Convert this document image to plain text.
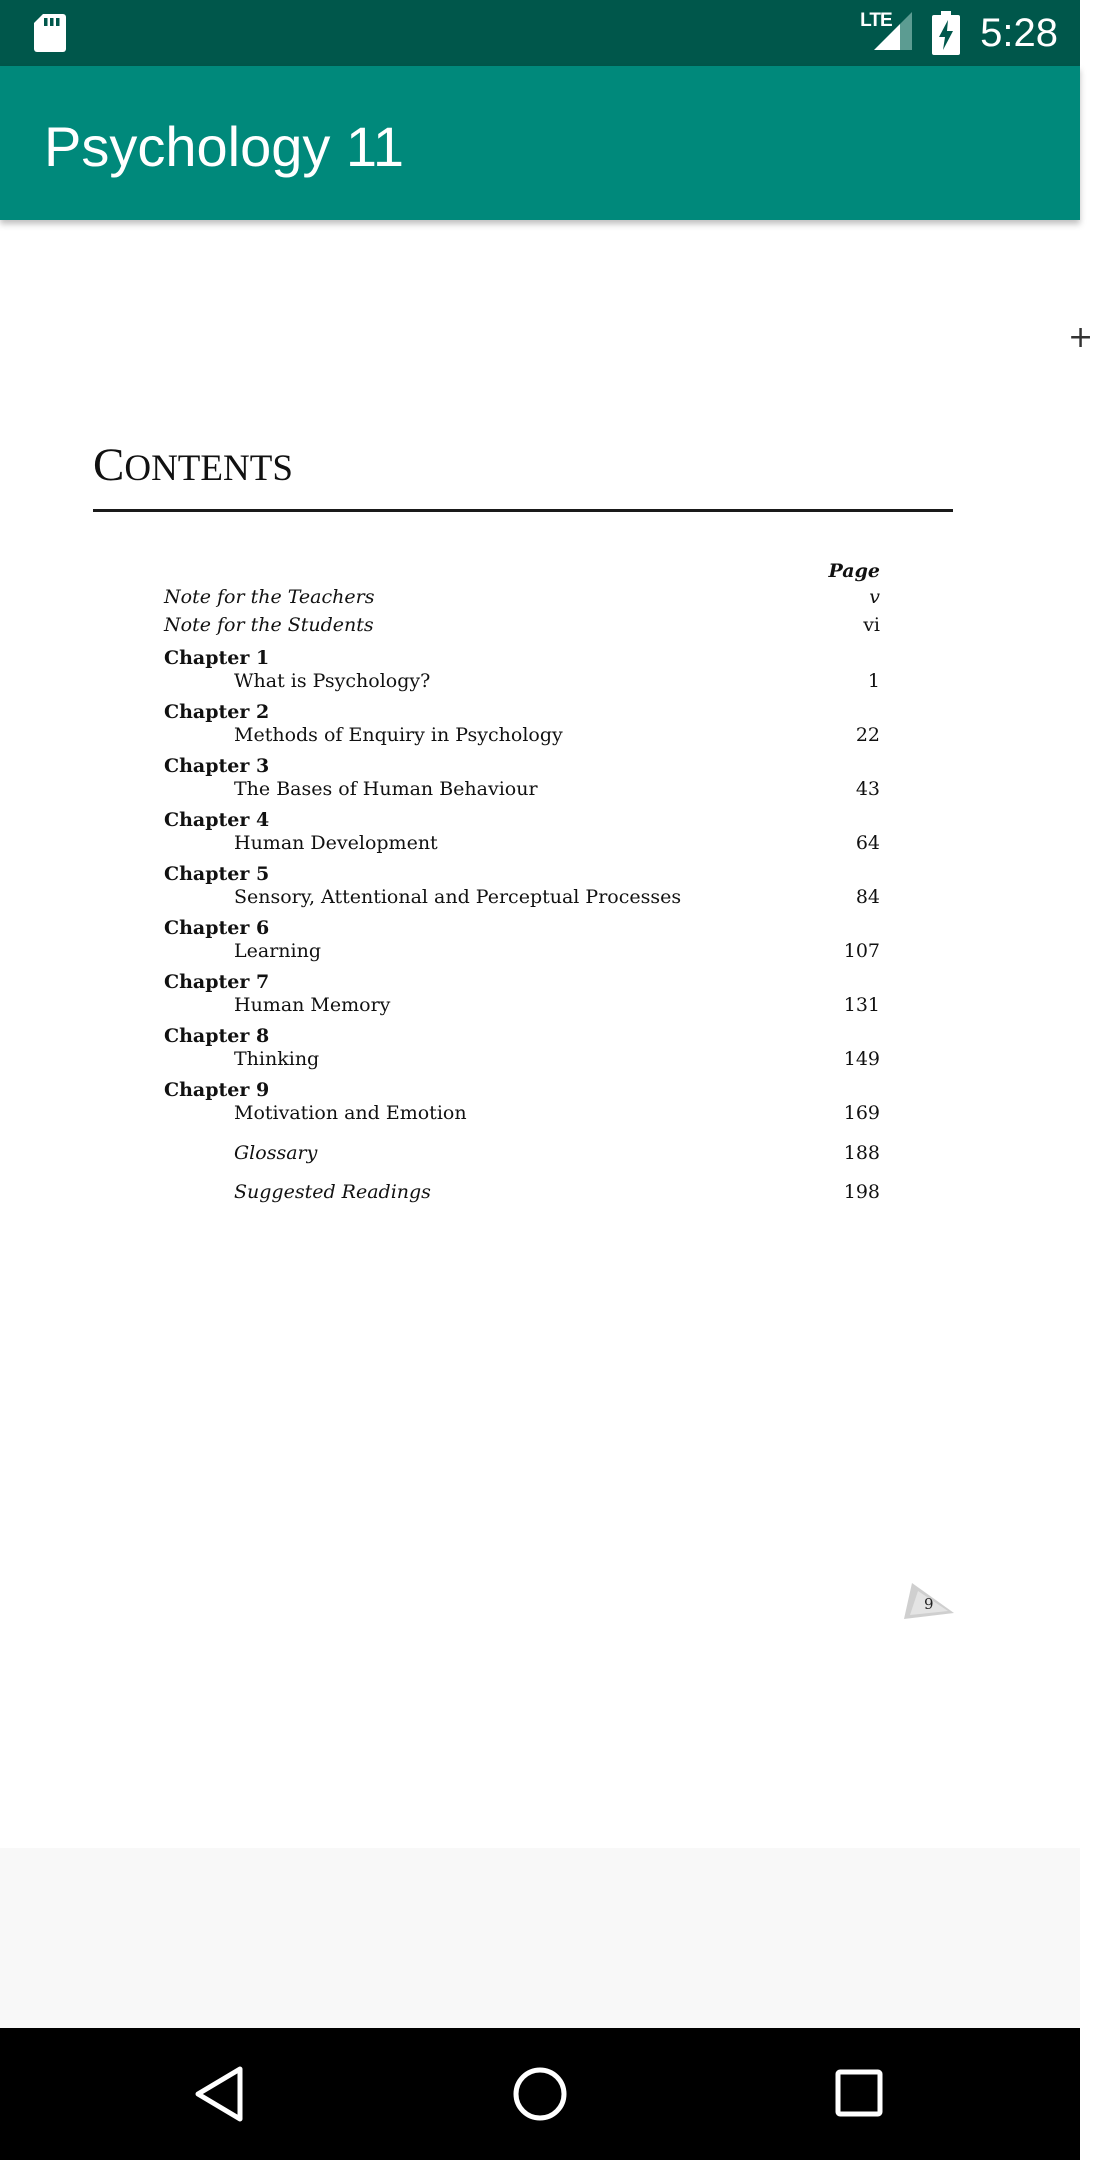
LTE 5:28
Psychology 11
+
CONTENTS
Page
Note for the Teachers	v
Note for the Students	vi
Chapter 1
What is Psychology?	1
Chapter 2
Methods of Enquiry in Psychology	22
Chapter 3
The Bases of Human Behaviour	43
Chapter 4
Human Development	64
Chapter 5
Sensory, Attentional and Perceptual Processes	84
Chapter 6
Learning	107
Chapter 7
Human Memory	131
Chapter 8
Thinking	149
Chapter 9
Motivation and Emotion	169
Glossary	188
Suggested Readings	198
9
